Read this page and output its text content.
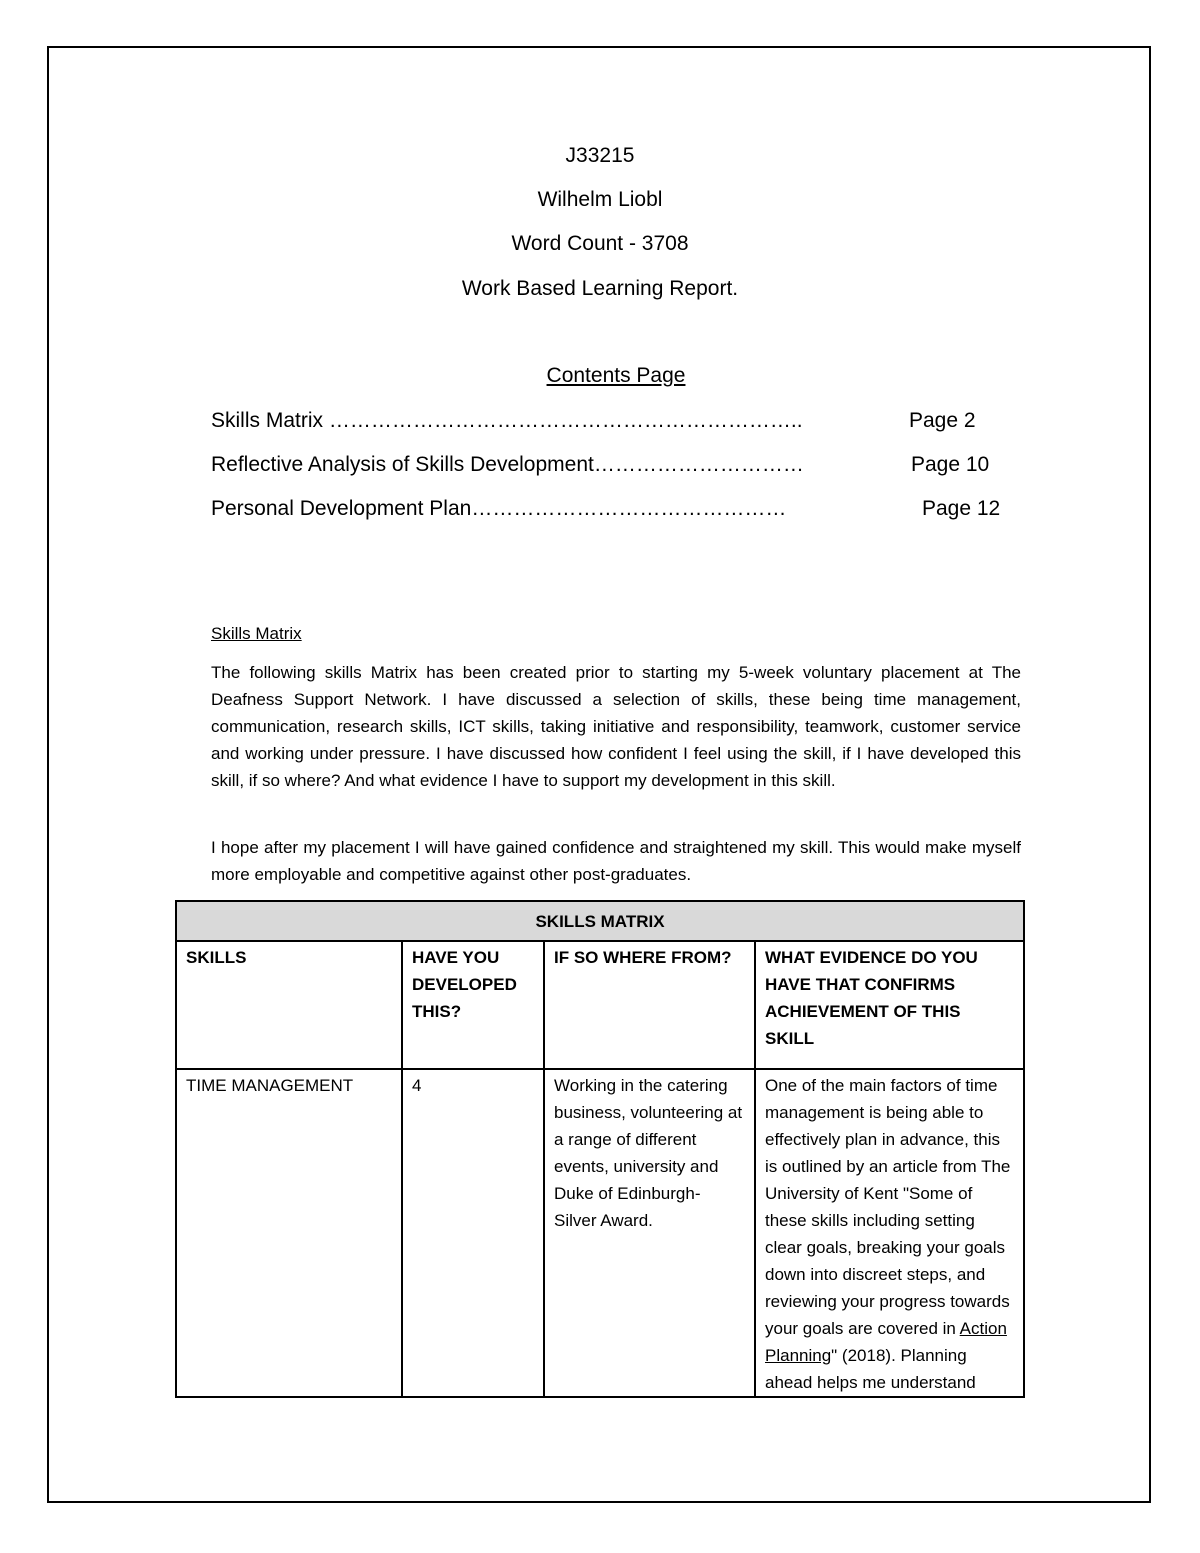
J33215
Wilhelm Liobl
Word Count - 3708
Work Based Learning Report.
Contents Page
Skills Matrix …………………………………………………………..	Page 2
Reflective Analysis of Skills Development…………………………	Page 10
Personal Development Plan………………………………………	Page 12
Skills Matrix
The following skills Matrix has been created prior to starting my 5-week voluntary placement at The Deafness Support Network. I have discussed a selection of skills, these being time management, communication, research skills, ICT skills, taking initiative and responsibility, teamwork, customer service and working under pressure. I have discussed how confident I feel using the skill, if I have developed this skill, if so where? And what evidence I have to support my development in this skill.
I hope after my placement I will have gained confidence and straightened my skill. This would make myself more employable and competitive against other post-graduates.
SKILLS MATRIX			
SKILLS	HAVE YOU DEVELOPED THIS?	IF SO WHERE FROM?	WHAT EVIDENCE DO YOU HAVE THAT CONFIRMS ACHIEVEMENT OF THIS SKILL
TIME MANAGEMENT	4	Working in the catering business, volunteering at a range of different events, university and Duke of Edinburgh- Silver Award.	One of the main factors of time management is being able to effectively plan in advance, this is outlined by an article from The University of Kent "Some of these skills including setting clear goals, breaking your goals down into discreet steps, and reviewing your progress towards your goals are covered in Action Planning" (2018). Planning ahead helps me understand
